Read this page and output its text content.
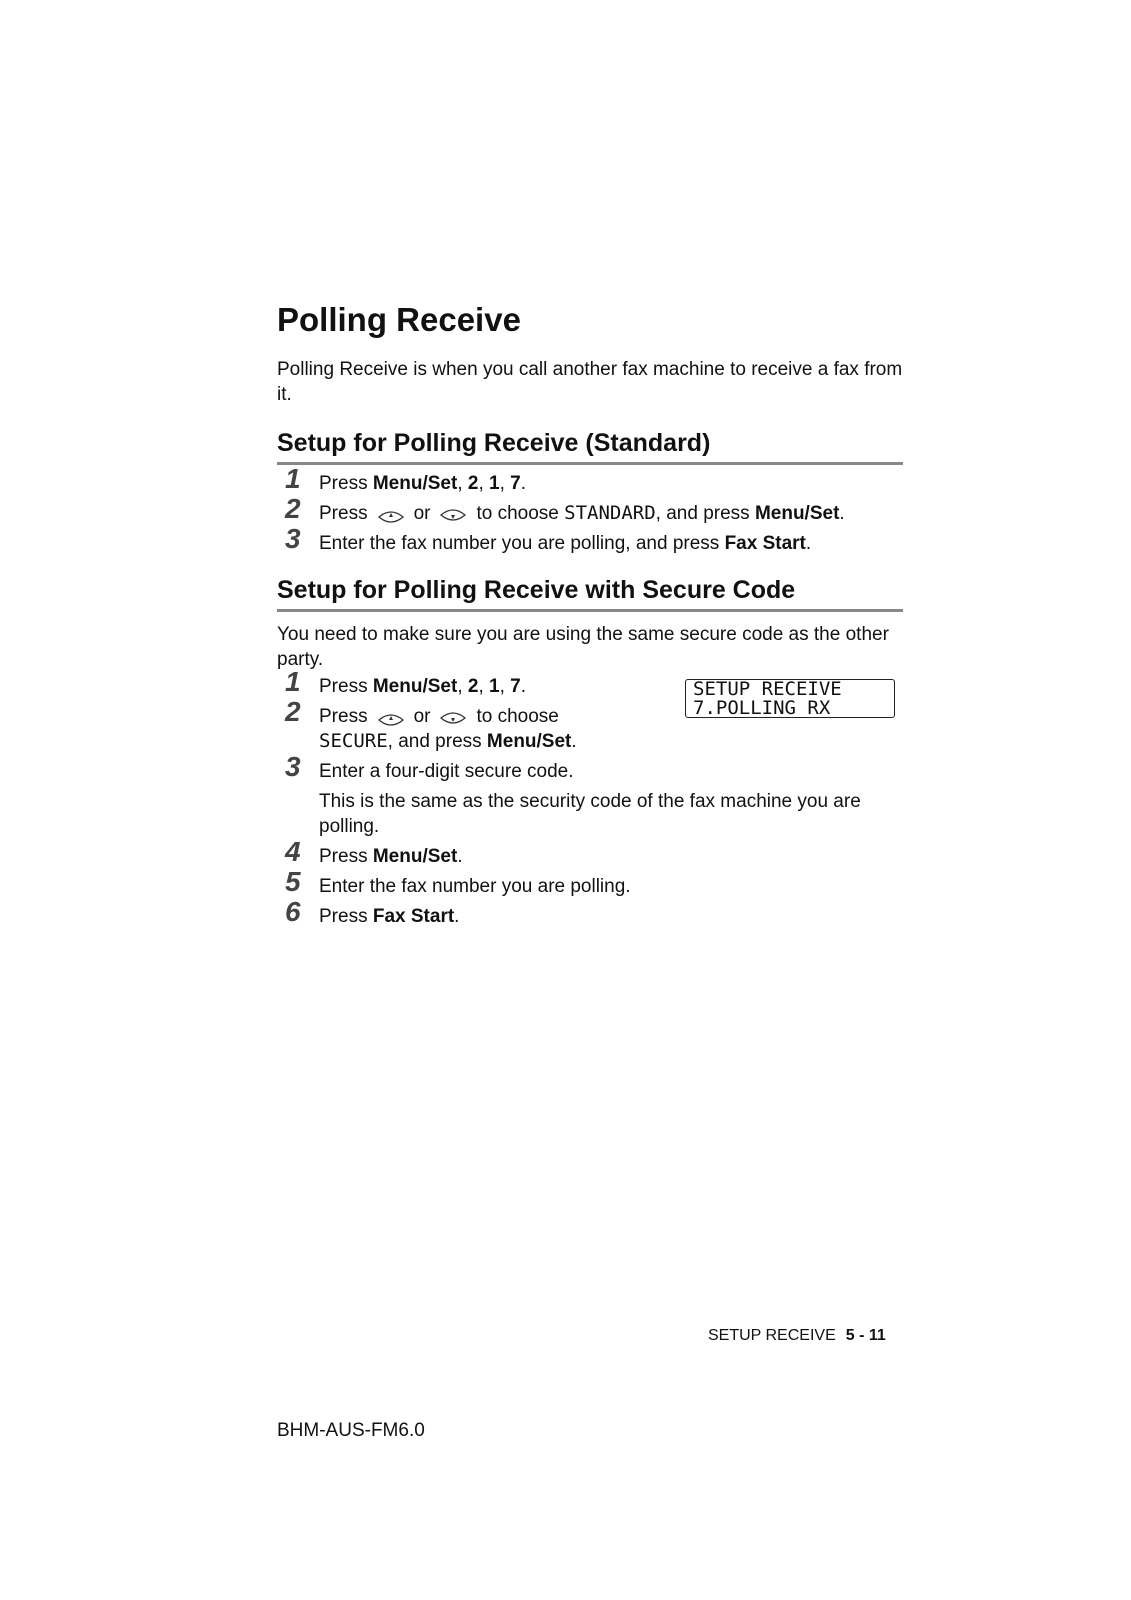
Polling Receive

Polling Receive is when you call another fax machine to receive a fax from it.

Setup for Polling Receive (Standard)
1 Press Menu/Set, 2, 1, 7.
2 Press or to choose STANDARD, and press Menu/Set.
3 Enter the fax number you are polling, and press Fax Start.
Setup for Polling Receive with Secure Code

You need to make sure you are using the same secure code as the other party.

SETUP RECEIVE
7.POLLING RX
1 Press Menu/Set, 2, 1, 7.
2 Press or to choose
SECURE, and press Menu/Set.
3 Enter a four-digit secure code.
This is the same as the security code of the fax machine you are polling.
4 Press Menu/Set.
5 Enter the fax number you are polling.
6 Press Fax Start.
SETUP RECEIVE 5 - 11
BHM-AUS-FM6.0
